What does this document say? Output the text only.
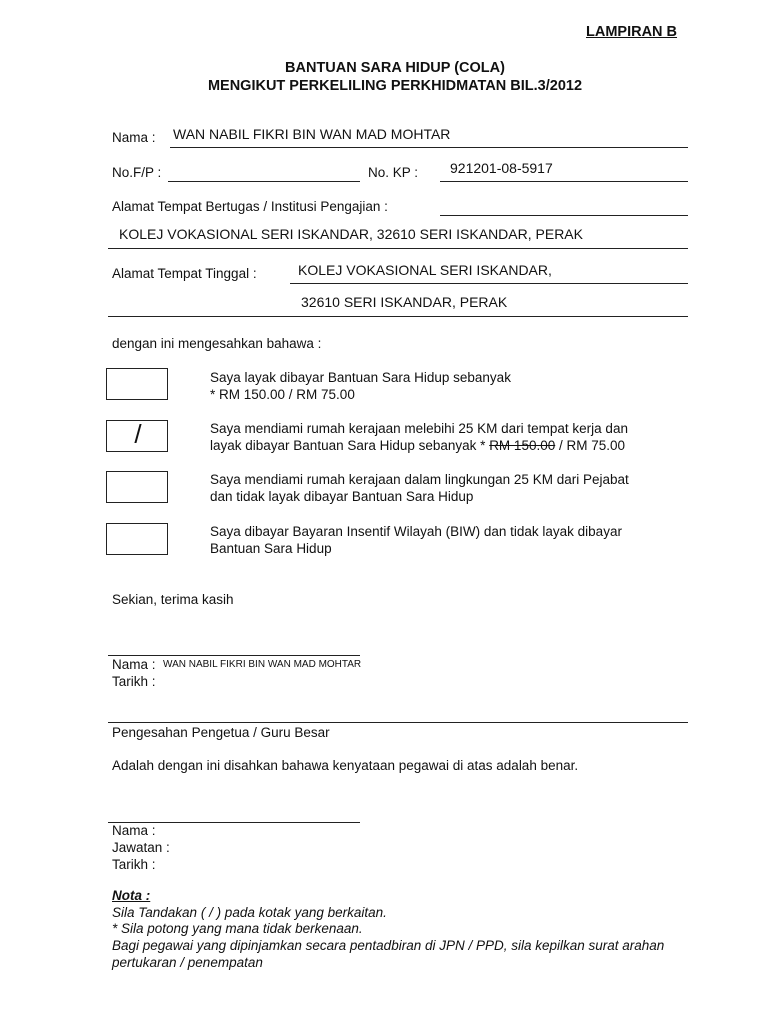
LAMPIRAN B
BANTUAN SARA HIDUP (COLA)
MENGIKUT PERKELILING PERKHIDMATAN BIL.3/2012
Nama : WAN NABIL FIKRI BIN WAN MAD MOHTAR
No.F/P :	No. KP : 921201-08-5917
Alamat Tempat Bertugas / Institusi Pengajian :
KOLEJ VOKASIONAL SERI ISKANDAR, 32610 SERI ISKANDAR, PERAK
Alamat Tempat Tinggal :	KOLEJ VOKASIONAL SERI ISKANDAR,
32610 SERI ISKANDAR, PERAK
dengan ini mengesahkan bahawa :
Saya layak dibayar Bantuan Sara Hidup sebanyak
* RM 150.00 / RM 75.00
/	Saya mendiami rumah kerajaan melebihi 25 KM dari tempat kerja dan
layak dibayar Bantuan Sara Hidup sebanyak * RM 150.00 / RM 75.00
Saya mendiami rumah kerajaan dalam lingkungan 25 KM dari Pejabat
dan tidak layak dibayar Bantuan Sara Hidup
Saya dibayar Bayaran Insentif Wilayah (BIW) dan tidak layak dibayar
Bantuan Sara Hidup
Sekian, terima kasih
Nama : WAN NABIL FIKRI BIN WAN MAD MOHTAR
Tarikh :
Pengesahan Pengetua / Guru Besar
Adalah dengan ini disahkan bahawa kenyataan pegawai di atas adalah benar.
Nama :
Jawatan :
Tarikh :
Nota :
Sila Tandakan ( / ) pada kotak yang berkaitan.
* Sila potong yang mana tidak berkenaan.
Bagi pegawai yang dipinjamkan secara pentadbiran di JPN / PPD, sila kepilkan surat arahan
pertukaran / penempatan
